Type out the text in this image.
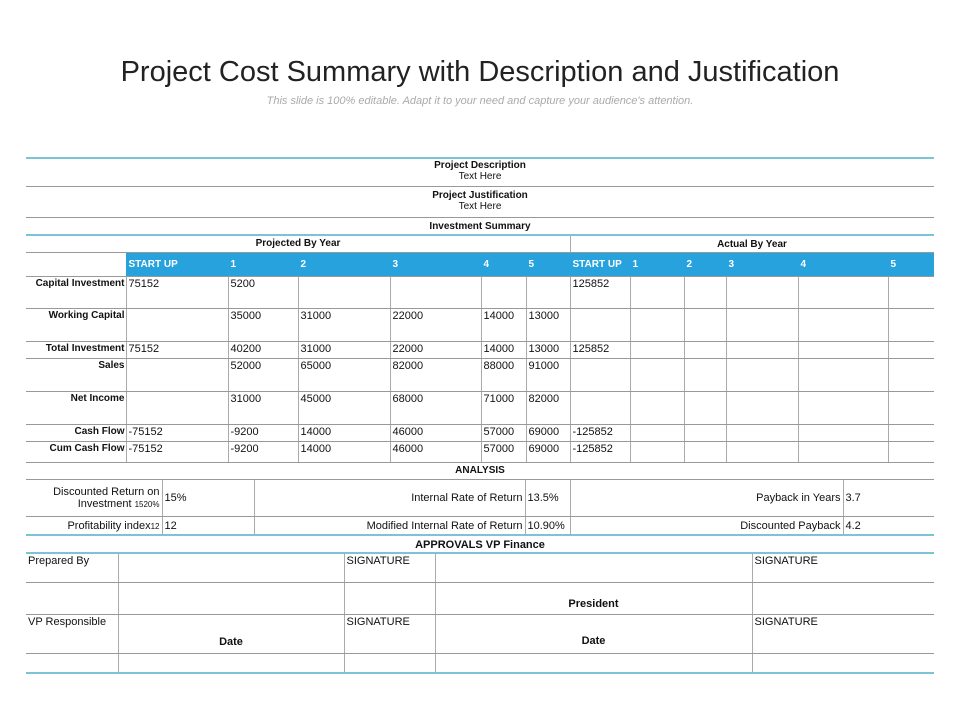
Project Cost Summary with Description and Justification
This slide is 100% editable. Adapt it to your need and capture your audience's attention.
Project Description
Text Here
Project Justification
Text Here
Investment Summary
Projected By Year	Actual By Year
	START UP	1	2	3	4	5	START UP	1	2	3	4	5
Capital Investment	75152	5200					125852					
Working Capital		35000	31000	22000	14000	13000						
Total Investment	75152	40200	31000	22000	14000	13000	125852					
Sales		52000	65000	82000	88000	91000						
Net Income		31000	45000	68000	71000	82000						
Cash Flow	-75152	-9200	14000	46000	57000	69000	-125852					
Cum Cash Flow	-75152	-9200	14000	46000	57000	69000	-125852					
ANALYSIS
Discounted Return on Investment 1520%	15%	Internal Rate of Return	13.5%	Payback in Years	3.7
Profitability index12	12	Modified Internal Rate of Return	10.90%	Discounted Payback	4.2
APPROVALS VP Finance
Prepared By		SIGNATURE		SIGNATURE
			President	
VP Responsible	Date	SIGNATURE	Date	SIGNATURE
